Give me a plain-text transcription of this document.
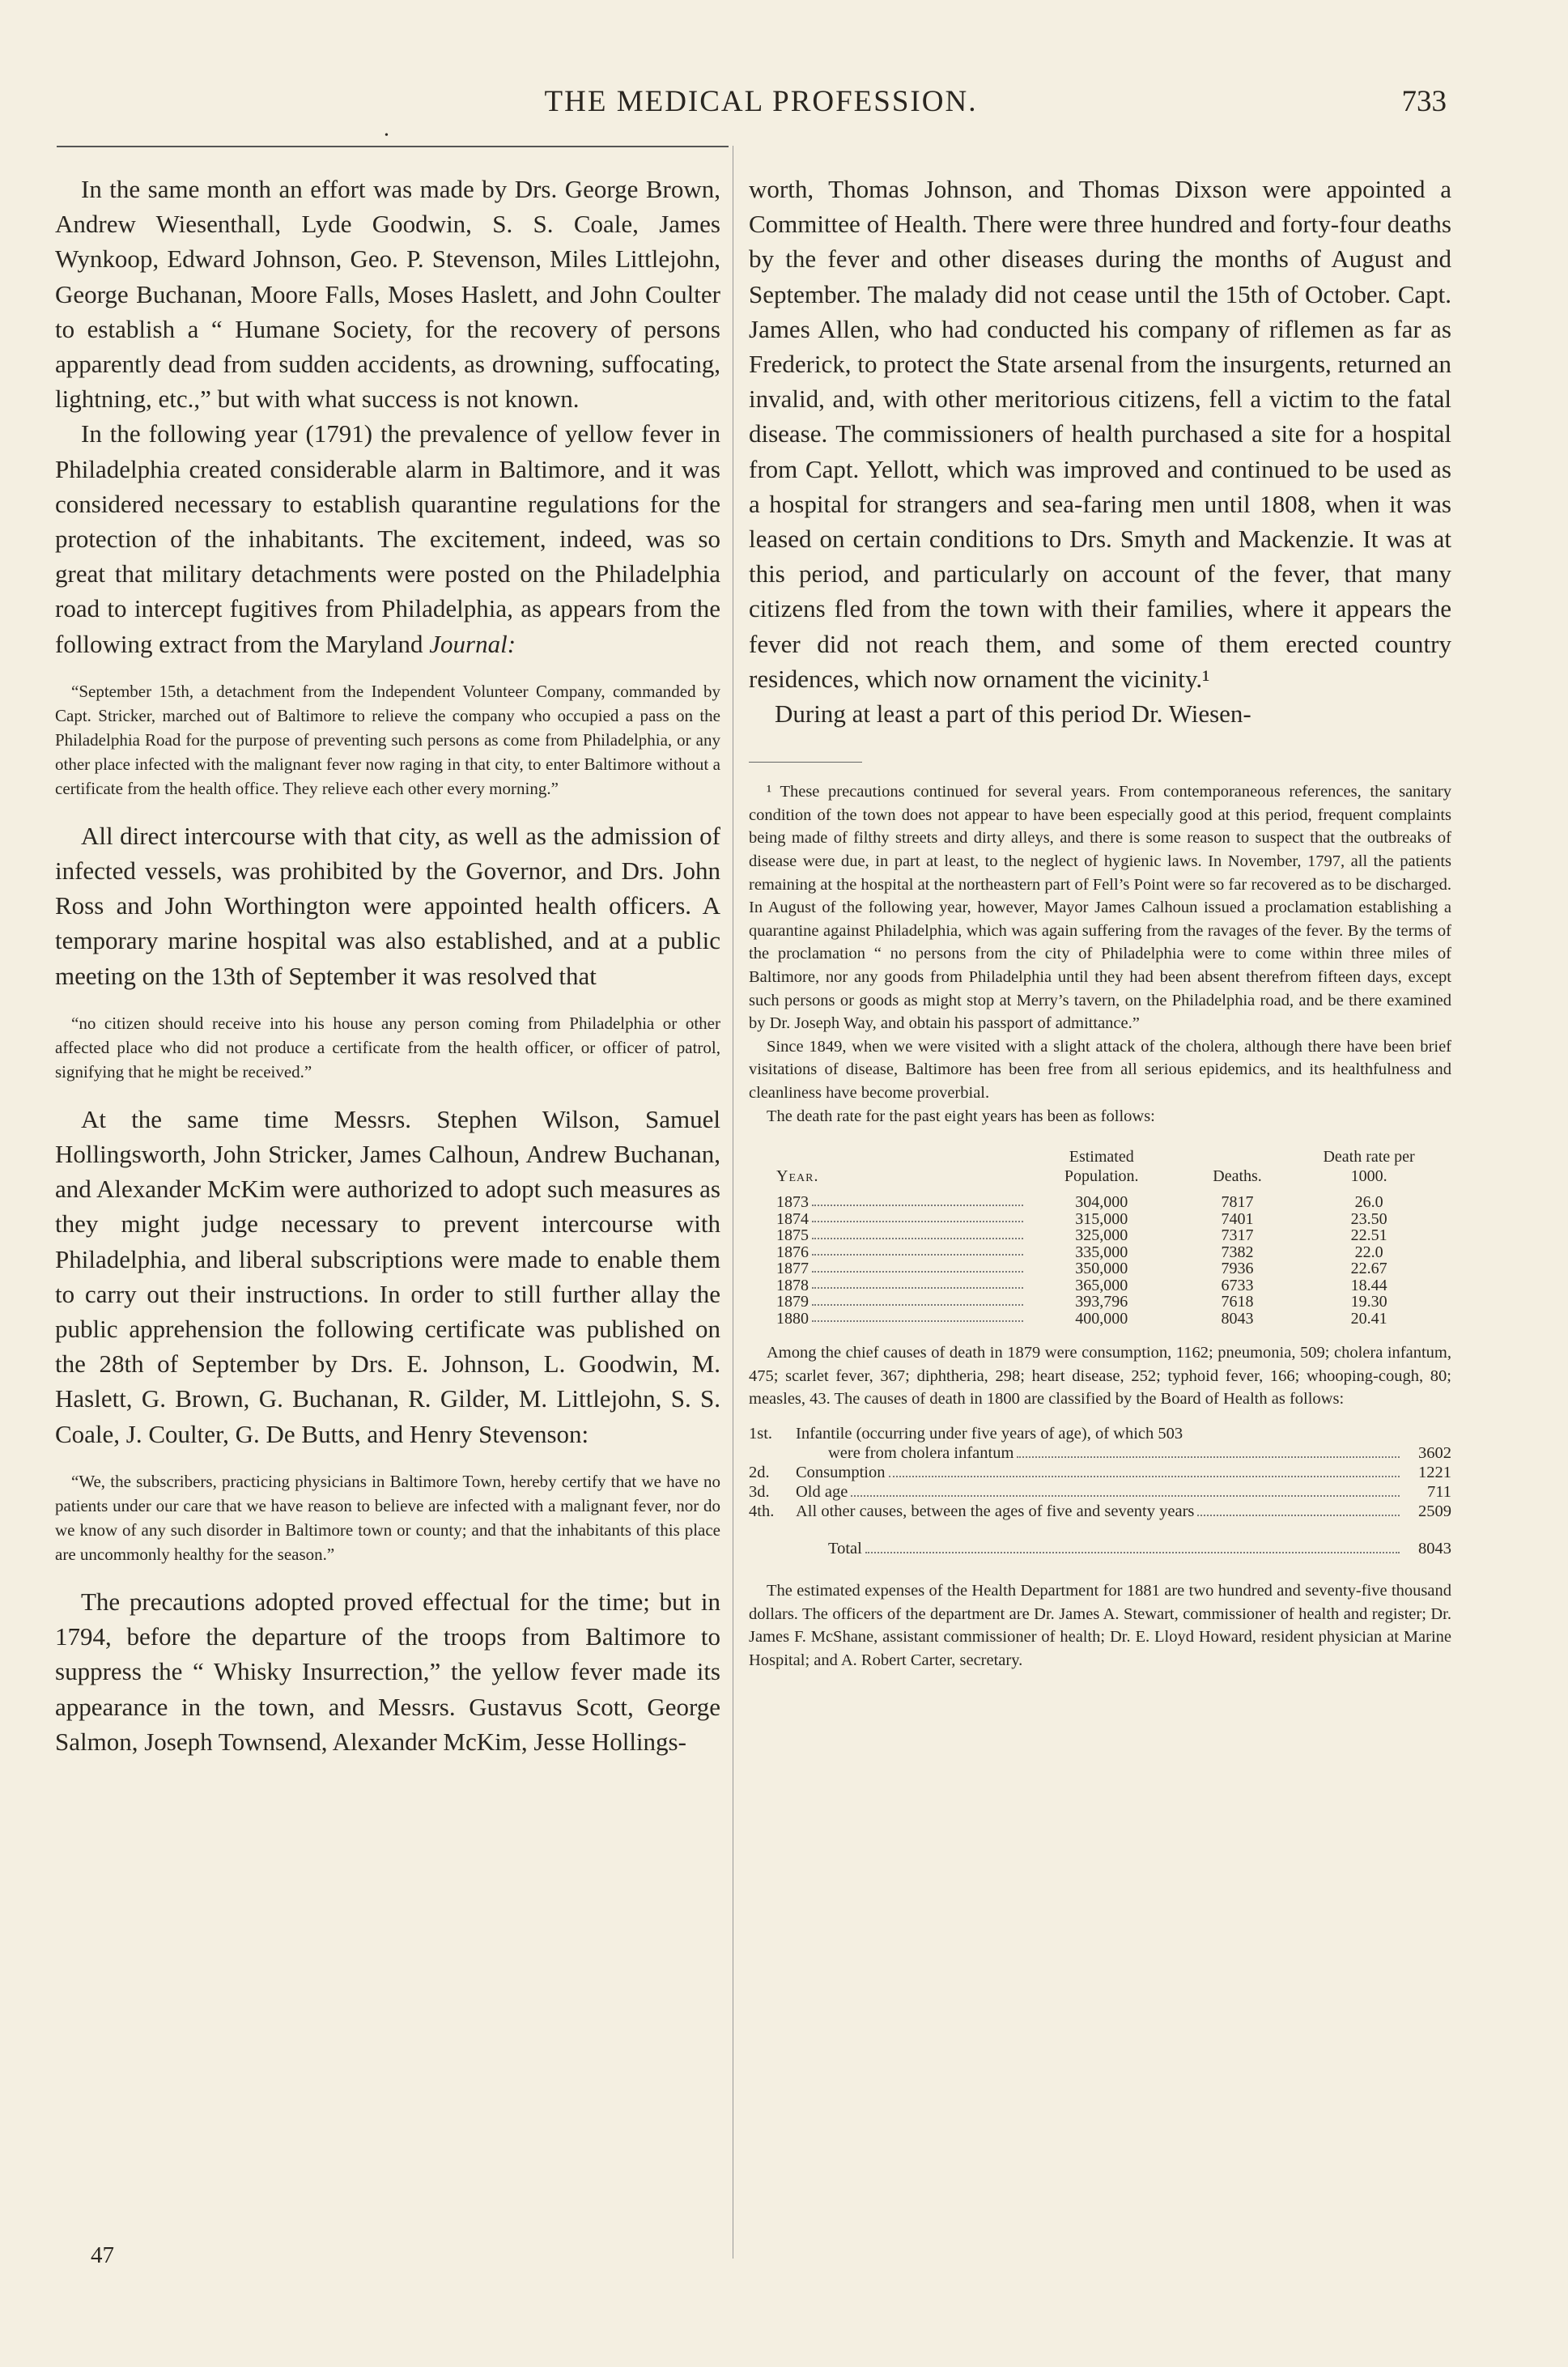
THE MEDICAL PROFESSION.	733
•

In the same month an effort was made by Drs. George Brown, Andrew Wiesenthall, Lyde Goodwin, S. S. Coale, James Wynkoop, Edward Johnson, Geo. P. Stevenson, Miles Littlejohn, George Buchanan, Moore Falls, Moses Haslett, and John Coulter to establish a “ Humane Society, for the recovery of persons apparently dead from sudden accidents, as drowning, suffocating, lightning, etc.,” but with what success is not known.

In the following year (1791) the prevalence of yellow fever in Philadelphia created considerable alarm in Baltimore, and it was considered necessary to establish quarantine regulations for the protection of the inhabitants. The excitement, indeed, was so great that military detachments were posted on the Philadelphia road to intercept fugitives from Philadelphia, as appears from the following extract from the Maryland Journal:

“September 15th, a detachment from the Independent Volunteer Company, commanded by Capt. Stricker, marched out of Baltimore to relieve the company who occupied a pass on the Philadelphia Road for the purpose of preventing such persons as come from Philadelphia, or any other place infected with the malignant fever now raging in that city, to enter Baltimore without a certificate from the health office. They relieve each other every morning.”

All direct intercourse with that city, as well as the admission of infected vessels, was prohibited by the Governor, and Drs. John Ross and John Worthington were appointed health officers. A temporary marine hospital was also established, and at a public meeting on the 13th of September it was resolved that

“no citizen should receive into his house any person coming from Philadelphia or other affected place who did not produce a certificate from the health officer, or officer of patrol, signifying that he might be received.”

At the same time Messrs. Stephen Wilson, Samuel Hollingsworth, John Stricker, James Calhoun, Andrew Buchanan, and Alexander McKim were authorized to adopt such measures as they might judge necessary to prevent intercourse with Philadelphia, and liberal subscriptions were made to enable them to carry out their instructions. In order to still further allay the public apprehension the following certificate was published on the 28th of September by Drs. E. Johnson, L. Goodwin, M. Haslett, G. Brown, G. Buchanan, R. Gilder, M. Littlejohn, S. S. Coale, J. Coulter, G. De Butts, and Henry Stevenson:

“We, the subscribers, practicing physicians in Baltimore Town, hereby certify that we have no patients under our care that we have reason to believe are infected with a malignant fever, nor do we know of any such disorder in Baltimore town or county; and that the inhabitants of this place are uncommonly healthy for the season.”

The precautions adopted proved effectual for the time; but in 1794, before the departure of the troops from Baltimore to suppress the “ Whisky Insurrection,” the yellow fever made its appearance in the town, and Messrs. Gustavus Scott, George Salmon, Joseph Townsend, Alexander McKim, Jesse Hollings-

47

worth, Thomas Johnson, and Thomas Dixson were appointed a Committee of Health. There were three hundred and forty-four deaths by the fever and other diseases during the months of August and September. The malady did not cease until the 15th of October. Capt. James Allen, who had conducted his company of riflemen as far as Frederick, to protect the State arsenal from the insurgents, returned an invalid, and, with other meritorious citizens, fell a victim to the fatal disease. The commissioners of health purchased a site for a hospital from Capt. Yellott, which was improved and continued to be used as a hospital for strangers and sea-faring men until 1808, when it was leased on certain conditions to Drs. Smyth and Mackenzie. It was at this period, and particularly on account of the fever, that many citizens fled from the town with their families, where it appears the fever did not reach them, and some of them erected country residences, which now ornament the vicinity.¹

During at least a part of this period Dr. Wiesen-

¹ These precautions continued for several years. From contemporaneous references, the sanitary condition of the town does not appear to have been especially good at this period, frequent complaints being made of filthy streets and dirty alleys, and there is some reason to suspect that the outbreaks of disease were due, in part at least, to the neglect of hygienic laws. In November, 1797, all the patients remaining at the hospital at the northeastern part of Fell’s Point were so far recovered as to be discharged. In August of the following year, however, Mayor James Calhoun issued a proclamation establishing a quarantine against Philadelphia, which was again suffering from the ravages of the fever. By the terms of the proclamation “ no persons from the city of Philadelphia were to come within three miles of Baltimore, nor any goods from Philadelphia until they had been absent therefrom fifteen days, except such persons or goods as might stop at Merry’s tavern, on the Philadelphia road, and be there examined by Dr. Joseph Way, and obtain his passport of admittance.”

Since 1849, when we were visited with a slight attack of the cholera, although there have been brief visitations of disease, Baltimore has been free from all serious epidemics, and its healthfulness and cleanliness have become proverbial.

The death rate for the past eight years has been as follows:

Year.	Estimated Population.	Deaths.	Death rate per 1000.

1873	304,000	7817	26.0

1874	315,000	7401	23.50

1875	325,000	7317	22.51

1876	335,000	7382	22.0

1877	350,000	7936	22.67

1878	365,000	6733	18.44

1879	393,796	7618	19.30

1880	400,000	8043	20.41

Among the chief causes of death in 1879 were consumption, 1162; pneumonia, 509; cholera infantum, 475; scarlet fever, 367; diphtheria, 298; heart disease, 252; typhoid fever, 166; whooping-cough, 80; measles, 43. The causes of death in 1800 are classified by the Board of Health as follows:

1st.	Infantile (occurring under five years of age), of which 503
were from cholera infantum	3602
2d.	Consumption	1221
3d.	Old age	711
4th.	All other causes, between the ages of five and seventy years	2509
Total	8043

The estimated expenses of the Health Department for 1881 are two hundred and seventy-five thousand dollars. The officers of the department are Dr. James A. Stewart, commissioner of health and register; Dr. James F. McShane, assistant commissioner of health; Dr. E. Lloyd Howard, resident physician at Marine Hospital; and A. Robert Carter, secretary.
